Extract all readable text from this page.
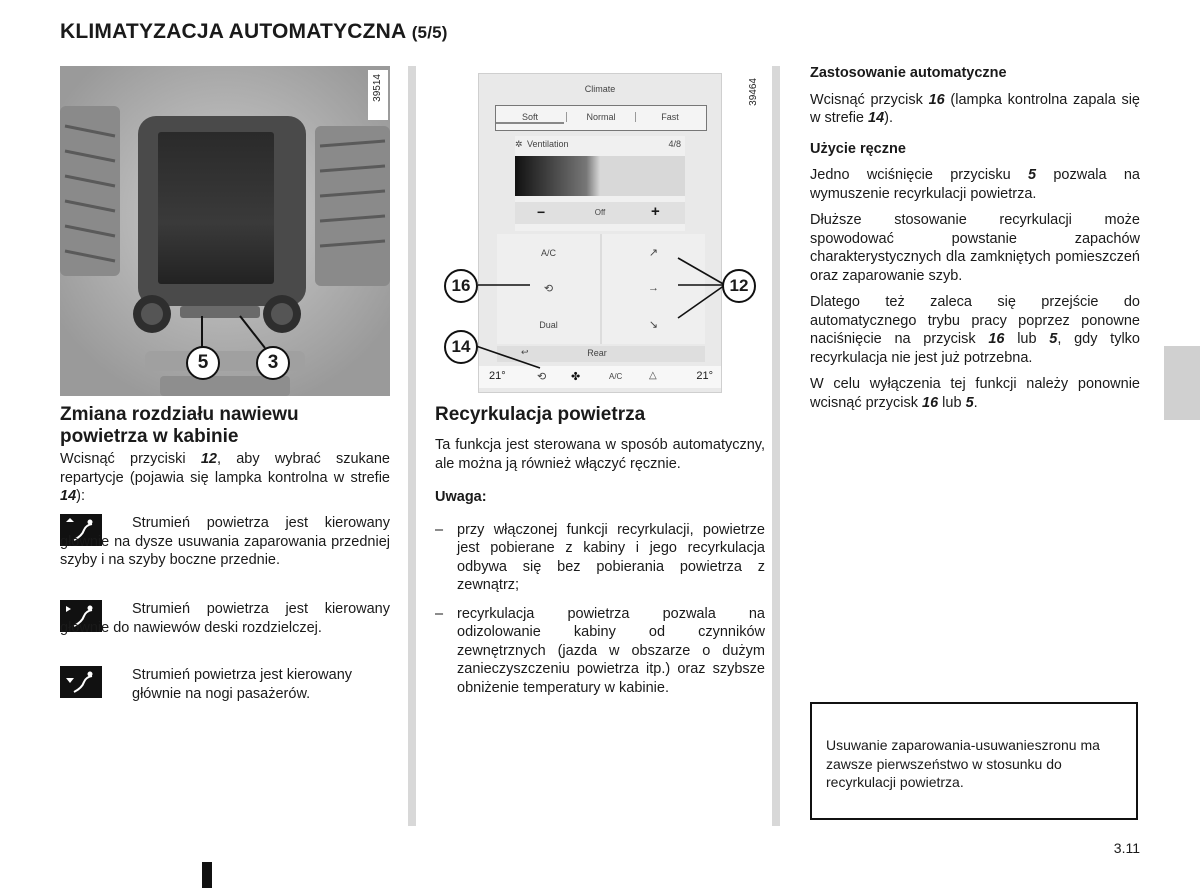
KLIMATYZACJA AUTOMATYCZNA (5/5)
5	3
39514	Climate
Soft	Normal	Fast
✲ Ventilation	4/8
−	Off	+
A/C
⟲
Dual
↗
→
↘
↩	Rear
21°	⟲ ✤	A/C	△	21°
16	12
14
39464
Zmiana rozdziału nawiewu powietrza w kabinie

Wcisnąć przyciski 12, aby wybrać szukane repartycje (pojawia się lampka kontrolna w strefie 14):

Strumień powietrza jest kierowany głównie na dysze usuwania zaparowania przedniej szyby i na szyby boczne przednie.

Strumień powietrza jest kierowany głównie do nawiewów deski rozdzielczej.

Strumień powietrza jest kierowany głównie na nogi pasażerów.

Recyrkulacja powietrza

Ta funkcja jest sterowana w sposób automatyczny, ale można ją również włączyć ręcznie.

Uwaga:

– przy włączonej funkcji recyrkulacji, powietrze jest pobierane z kabiny i jego recyrkulacja odbywa się bez pobierania powietrza z zewnątrz;

– recyrkulacja powietrza pozwala na odizolowanie kabiny od czynników zewnętrznych (jazda w obszarze o dużym zanieczyszczeniu powietrza itp.) oraz szybsze obniżenie temperatury w kabinie.

Zastosowanie automatyczne

Wcisnąć przycisk 16 (lampka kontrolna zapala się w strefie 14).

Użycie ręczne

Jedno wciśnięcie przycisku 5 pozwala na wymuszenie recyrkulacji powietrza.

Dłuższe stosowanie recyrkulacji może spowodować powstanie zapachów charakterystycznych dla zamkniętych pomieszczeń oraz zaparowanie szyb.

Dlatego też zaleca się przejście do automatycznego trybu pracy poprzez ponowne naciśnięcie na przycisk 16 lub 5, gdy tylko recyrkulacja nie jest już potrzebna.

W celu wyłączenia tej funkcji należy ponownie wcisnąć przycisk 16 lub 5.

Usuwanie zaparowania-usuwanieszronu ma zawsze pierwszeństwo w stosunku do recyrkulacji powietrza.

3.11
